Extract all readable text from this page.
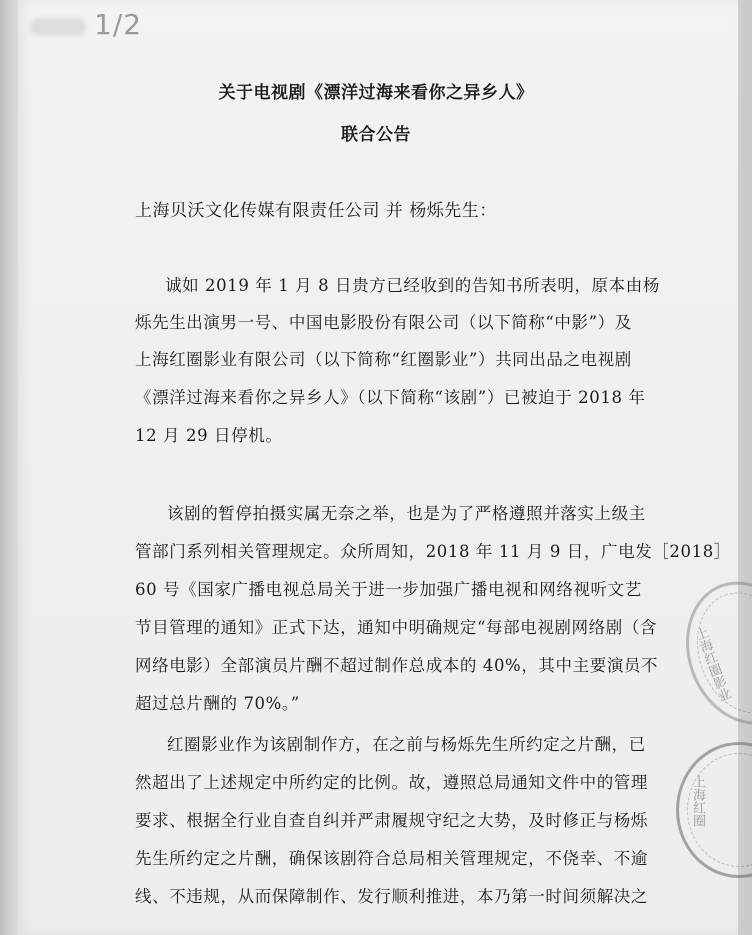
1/2
关于电视剧《漂洋过海来看你之异乡人》
联合公告
上海贝沃文化传媒有限责任公司 并 杨烁先生：
诚如 2019 年 1 月 8 日贵方已经收到的告知书所表明，原本由杨
烁先生出演男一号、中国电影股份有限公司（以下简称“中影”）及
上海红圈影业有限公司（以下简称“红圈影业”）共同出品之电视剧
《漂洋过海来看你之异乡人》（以下简称“该剧”）已被迫于 2018 年
12 月 29 日停机。
该剧的暂停拍摄实属无奈之举，也是为了严格遵照并落实上级主
管部门系列相关管理规定。众所周知，2018 年 11 月 9 日，广电发［2018］
60 号《国家广播电视总局关于进一步加强广播电视和网络视听文艺
节目管理的通知》正式下达，通知中明确规定“每部电视剧网络剧（含
网络电影）全部演员片酬不超过制作总成本的 40%，其中主要演员不
超过总片酬的 70%。”
红圈影业作为该剧制作方，在之前与杨烁先生所约定之片酬，已
然超出了上述规定中所约定的比例。故，遵照总局通知文件中的管理
要求、根据全行业自查自纠并严肃履规守纪之大势，及时修正与杨烁
先生所约定之片酬，确保该剧符合总局相关管理规定，不侥幸、不逾
线、不违规，从而保障制作、发行顺利推进，本乃第一时间须解决之
上海红圈影业
上海红圈
